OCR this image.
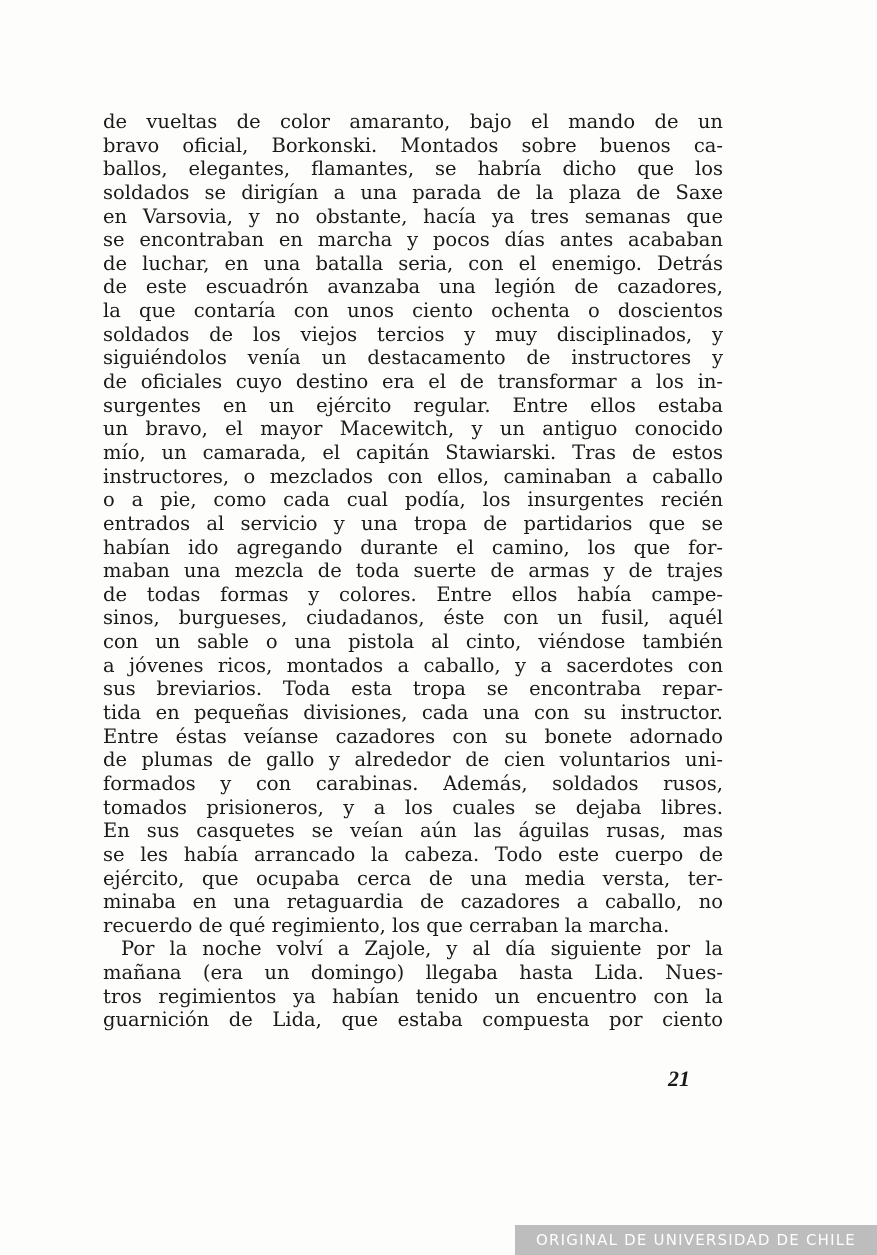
de vueltas de color amaranto, bajo el mando de un
bravo oficial, Borkonski. Montados sobre buenos ca-
ballos, elegantes, flamantes, se habría dicho que los
soldados se dirigían a una parada de la plaza de Saxe
en Varsovia, y no obstante, hacía ya tres semanas que
se encontraban en marcha y pocos días antes acababan
de luchar, en una batalla seria, con el enemigo. Detrás
de este escuadrón avanzaba una legión de cazadores,
la que contaría con unos ciento ochenta o doscientos
soldados de los viejos tercios y muy disciplinados, y
siguiéndolos venía un destacamento de instructores y
de oficiales cuyo destino era el de transformar a los in-
surgentes en un ejército regular. Entre ellos estaba
un bravo, el mayor Macewitch, y un antiguo conocido
mío, un camarada, el capitán Stawiarski. Tras de estos
instructores, o mezclados con ellos, caminaban a caballo
o a pie, como cada cual podía, los insurgentes recién
entrados al servicio y una tropa de partidarios que se
habían ido agregando durante el camino, los que for-
maban una mezcla de toda suerte de armas y de trajes
de todas formas y colores. Entre ellos había campe-
sinos, burgueses, ciudadanos, éste con un fusil, aquél
con un sable o una pistola al cinto, viéndose también
a jóvenes ricos, montados a caballo, y a sacerdotes con
sus breviarios. Toda esta tropa se encontraba repar-
tida en pequeñas divisiones, cada una con su instructor.
Entre éstas veíanse cazadores con su bonete adornado
de plumas de gallo y alrededor de cien voluntarios uni-
formados y con carabinas. Además, soldados rusos,
tomados prisioneros, y a los cuales se dejaba libres.
En sus casquetes se veían aún las águilas rusas, mas
se les había arrancado la cabeza. Todo este cuerpo de
ejército, que ocupaba cerca de una media versta, ter-
minaba en una retaguardia de cazadores a caballo, no
recuerdo de qué regimiento, los que cerraban la marcha.
Por la noche volví a Zajole, y al día siguiente por la
mañana (era un domingo) llegaba hasta Lida. Nues-
tros regimientos ya habían tenido un encuentro con la
guarnición de Lida, que estaba compuesta por ciento
21
ORIGINAL DE UNIVERSIDAD DE CHILE
